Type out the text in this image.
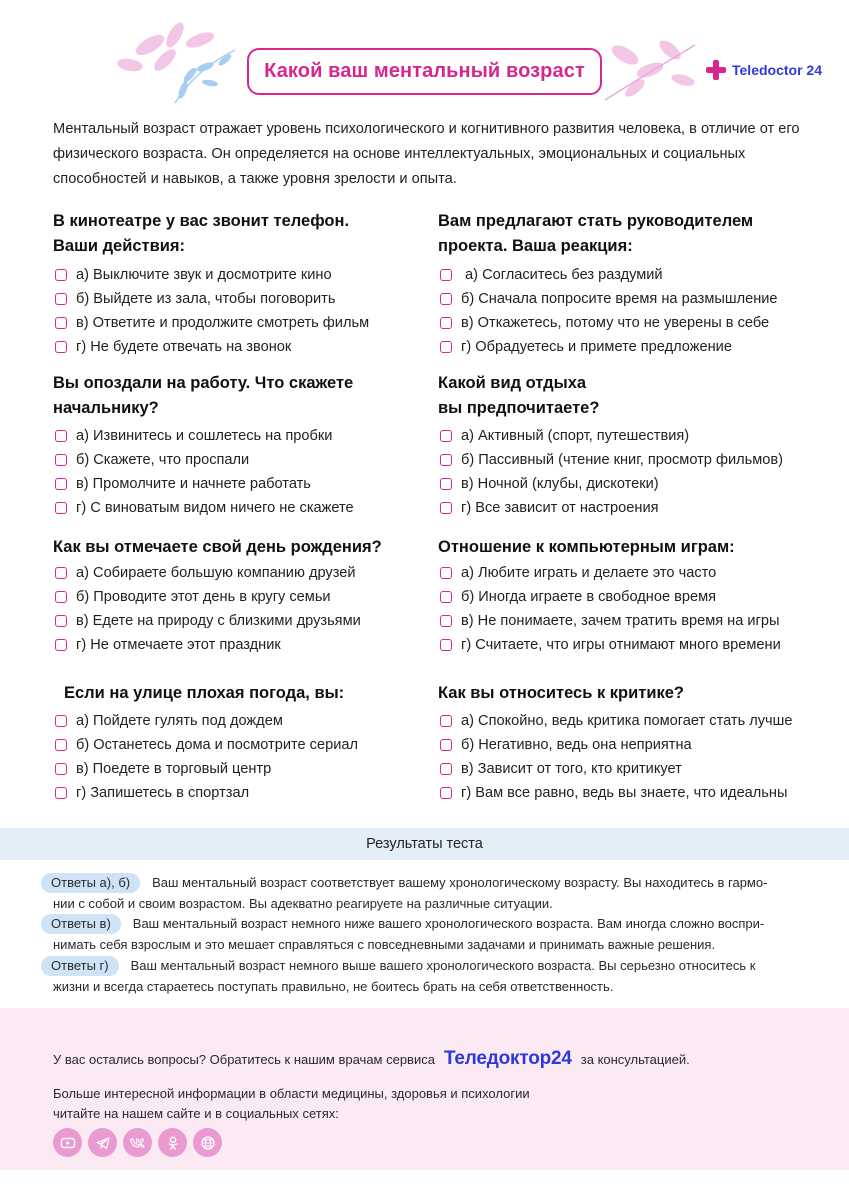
Какой ваш ментальный возраст	Teledoctor 24

Ментальный возраст отражает уровень психологического и когнитивного развития человека, в отличие от его физического возраста. Он определяется на основе интеллектуальных, эмоциональных и социальных способностей и навыков, а также уровня зрелости и опыта.

В кинотеатре у вас звонит телефон.
Ваши действия:
а) Выключите звук и досмотрите кино
б) Выйдете из зала, чтобы поговорить
в) Ответите и продолжите смотреть фильм
г) Не будете отвечать на звонок
Вам предлагают стать руководителем
проекта. Ваша реакция:
а) Согласитесь без раздумий
б) Сначала попросите время на размышление
в) Откажетесь, потому что не уверены в себе
г) Обрадуетесь и примете предложение
Вы опоздали на работу. Что скажете
начальнику?
а) Извинитесь и сошлетесь на пробки
б) Скажете, что проспали
в) Промолчите и начнете работать
г) С виноватым видом ничего не скажете
Какой вид отдыха
вы предпочитаете?
а) Активный (спорт, путешествия)
б) Пассивный (чтение книг, просмотр фильмов)
в) Ночной (клубы, дискотеки)
г) Все зависит от настроения
Как вы отмечаете свой день рождения?
а) Собираете большую компанию друзей
б) Проводите этот день в кругу семьи
в) Едете на природу с близкими друзьями
г) Не отмечаете этот праздник
Отношение к компьютерным играм:
а) Любите играть и делаете это часто
б) Иногда играете в свободное время
в) Не понимаете, зачем тратить время на игры
г) Считаете, что игры отнимают много времени
Если на улице плохая погода, вы:
а) Пойдете гулять под дождем
б) Останетесь дома и посмотрите сериал
в) Поедете в торговый центр
г) Запишетесь в спортзал
Как вы относитесь к критике?
а) Спокойно, ведь критика помогает стать лучше
б) Негативно, ведь она неприятна
в) Зависит от того, кто критикует
г) Вам все равно, ведь вы знаете, что идеальны
Результаты теста
Ответы а), б) Ваш ментальный возраст соответствует вашему хронологическому возрасту. Вы находитесь в гармо-
нии с собой и своим возрастом. Вы адекватно реагируете на различные ситуации.
Ответы в) Ваш ментальный возраст немного ниже вашего хронологического возраста. Вам иногда сложно воспри-
нимать себя взрослым и это мешает справляться с повседневными задачами и принимать важные решения.
Ответы г) Ваш ментальный возраст немного выше вашего хронологического возраста. Вы серьезно относитесь к
жизни и всегда стараетесь поступать правильно, не боитесь брать на себя ответственность.
У вас остались вопросы? Обратитесь к нашим врачам сервиса Теледоктор24 за консультацией.
Больше интересной информации в области медицины, здоровья и психологии
читайте на нашем сайте и в социальных сетях:
